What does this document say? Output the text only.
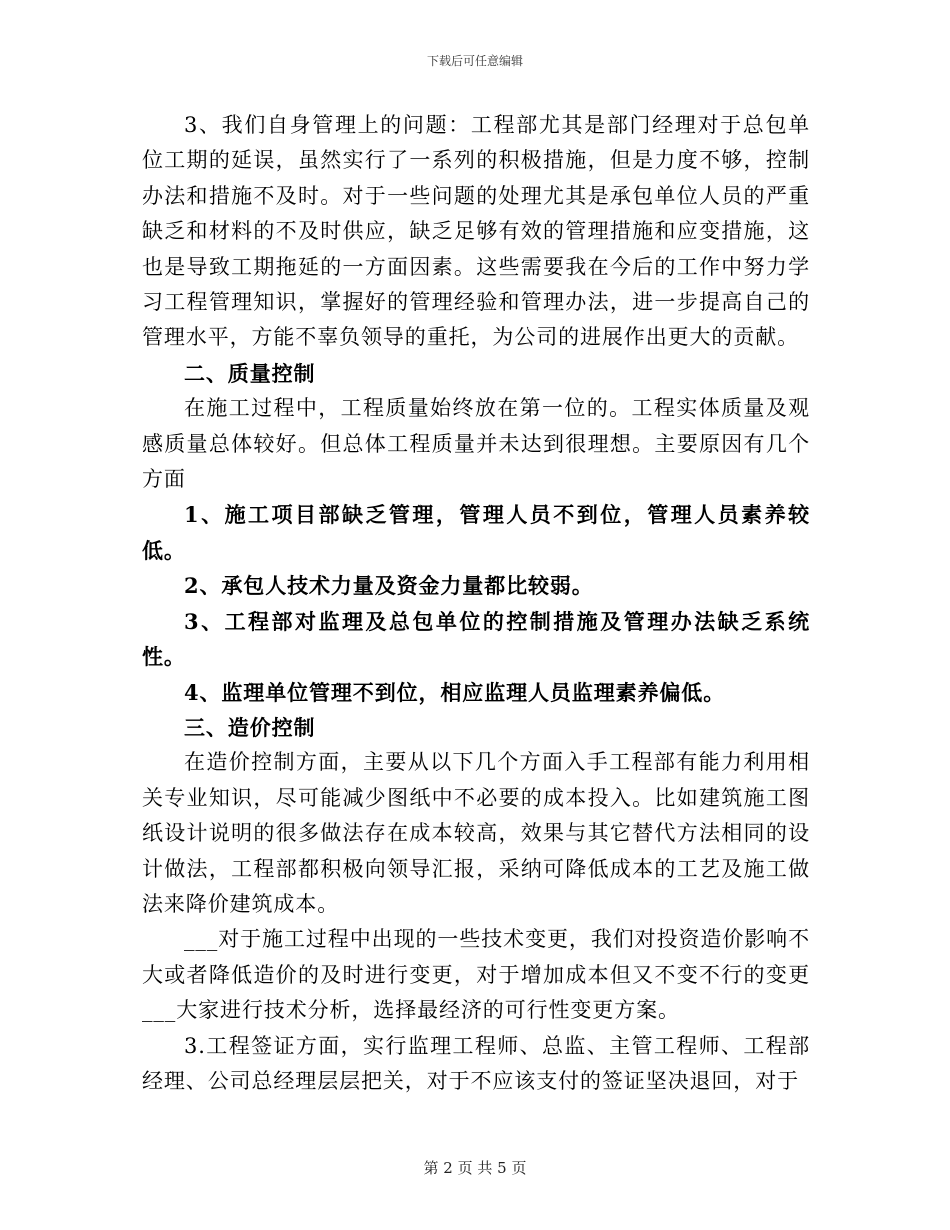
下载后可任意编辑

3、我们自身管理上的问题：工程部尤其是部门经理对于总包单位工期的延误，虽然实行了一系列的积极措施，但是力度不够，控制办法和措施不及时。对于一些问题的处理尤其是承包单位人员的严重缺乏和材料的不及时供应，缺乏足够有效的管理措施和应变措施，这也是导致工期拖延的一方面因素。这些需要我在今后的工作中努力学习工程管理知识，掌握好的管理经验和管理办法，进一步提高自己的管理水平，方能不辜负领导的重托，为公司的进展作出更大的贡献。

二、质量控制

在施工过程中，工程质量始终放在第一位的。工程实体质量及观感质量总体较好。但总体工程质量并未达到很理想。主要原因有几个方面

1、施工项目部缺乏管理，管理人员不到位，管理人员素养较低。

2、承包人技术力量及资金力量都比较弱。

3、工程部对监理及总包单位的控制措施及管理办法缺乏系统性。

4、监理单位管理不到位，相应监理人员监理素养偏低。

三、造价控制

在造价控制方面，主要从以下几个方面入手工程部有能力利用相关专业知识，尽可能减少图纸中不必要的成本投入。比如建筑施工图纸设计说明的很多做法存在成本较高，效果与其它替代方法相同的设计做法，工程部都积极向领导汇报，采纳可降低成本的工艺及施工做法来降价建筑成本。

___对于施工过程中出现的一些技术变更，我们对投资造价影响不大或者降低造价的及时进行变更，对于增加成本但又不变不行的变更___大家进行技术分析，选择最经济的可行性变更方案。

3.工程签证方面，实行监理工程师、总监、主管工程师、工程部经理、公司总经理层层把关，对于不应该支付的签证坚决退回，对于

第 2 页 共 5 页
